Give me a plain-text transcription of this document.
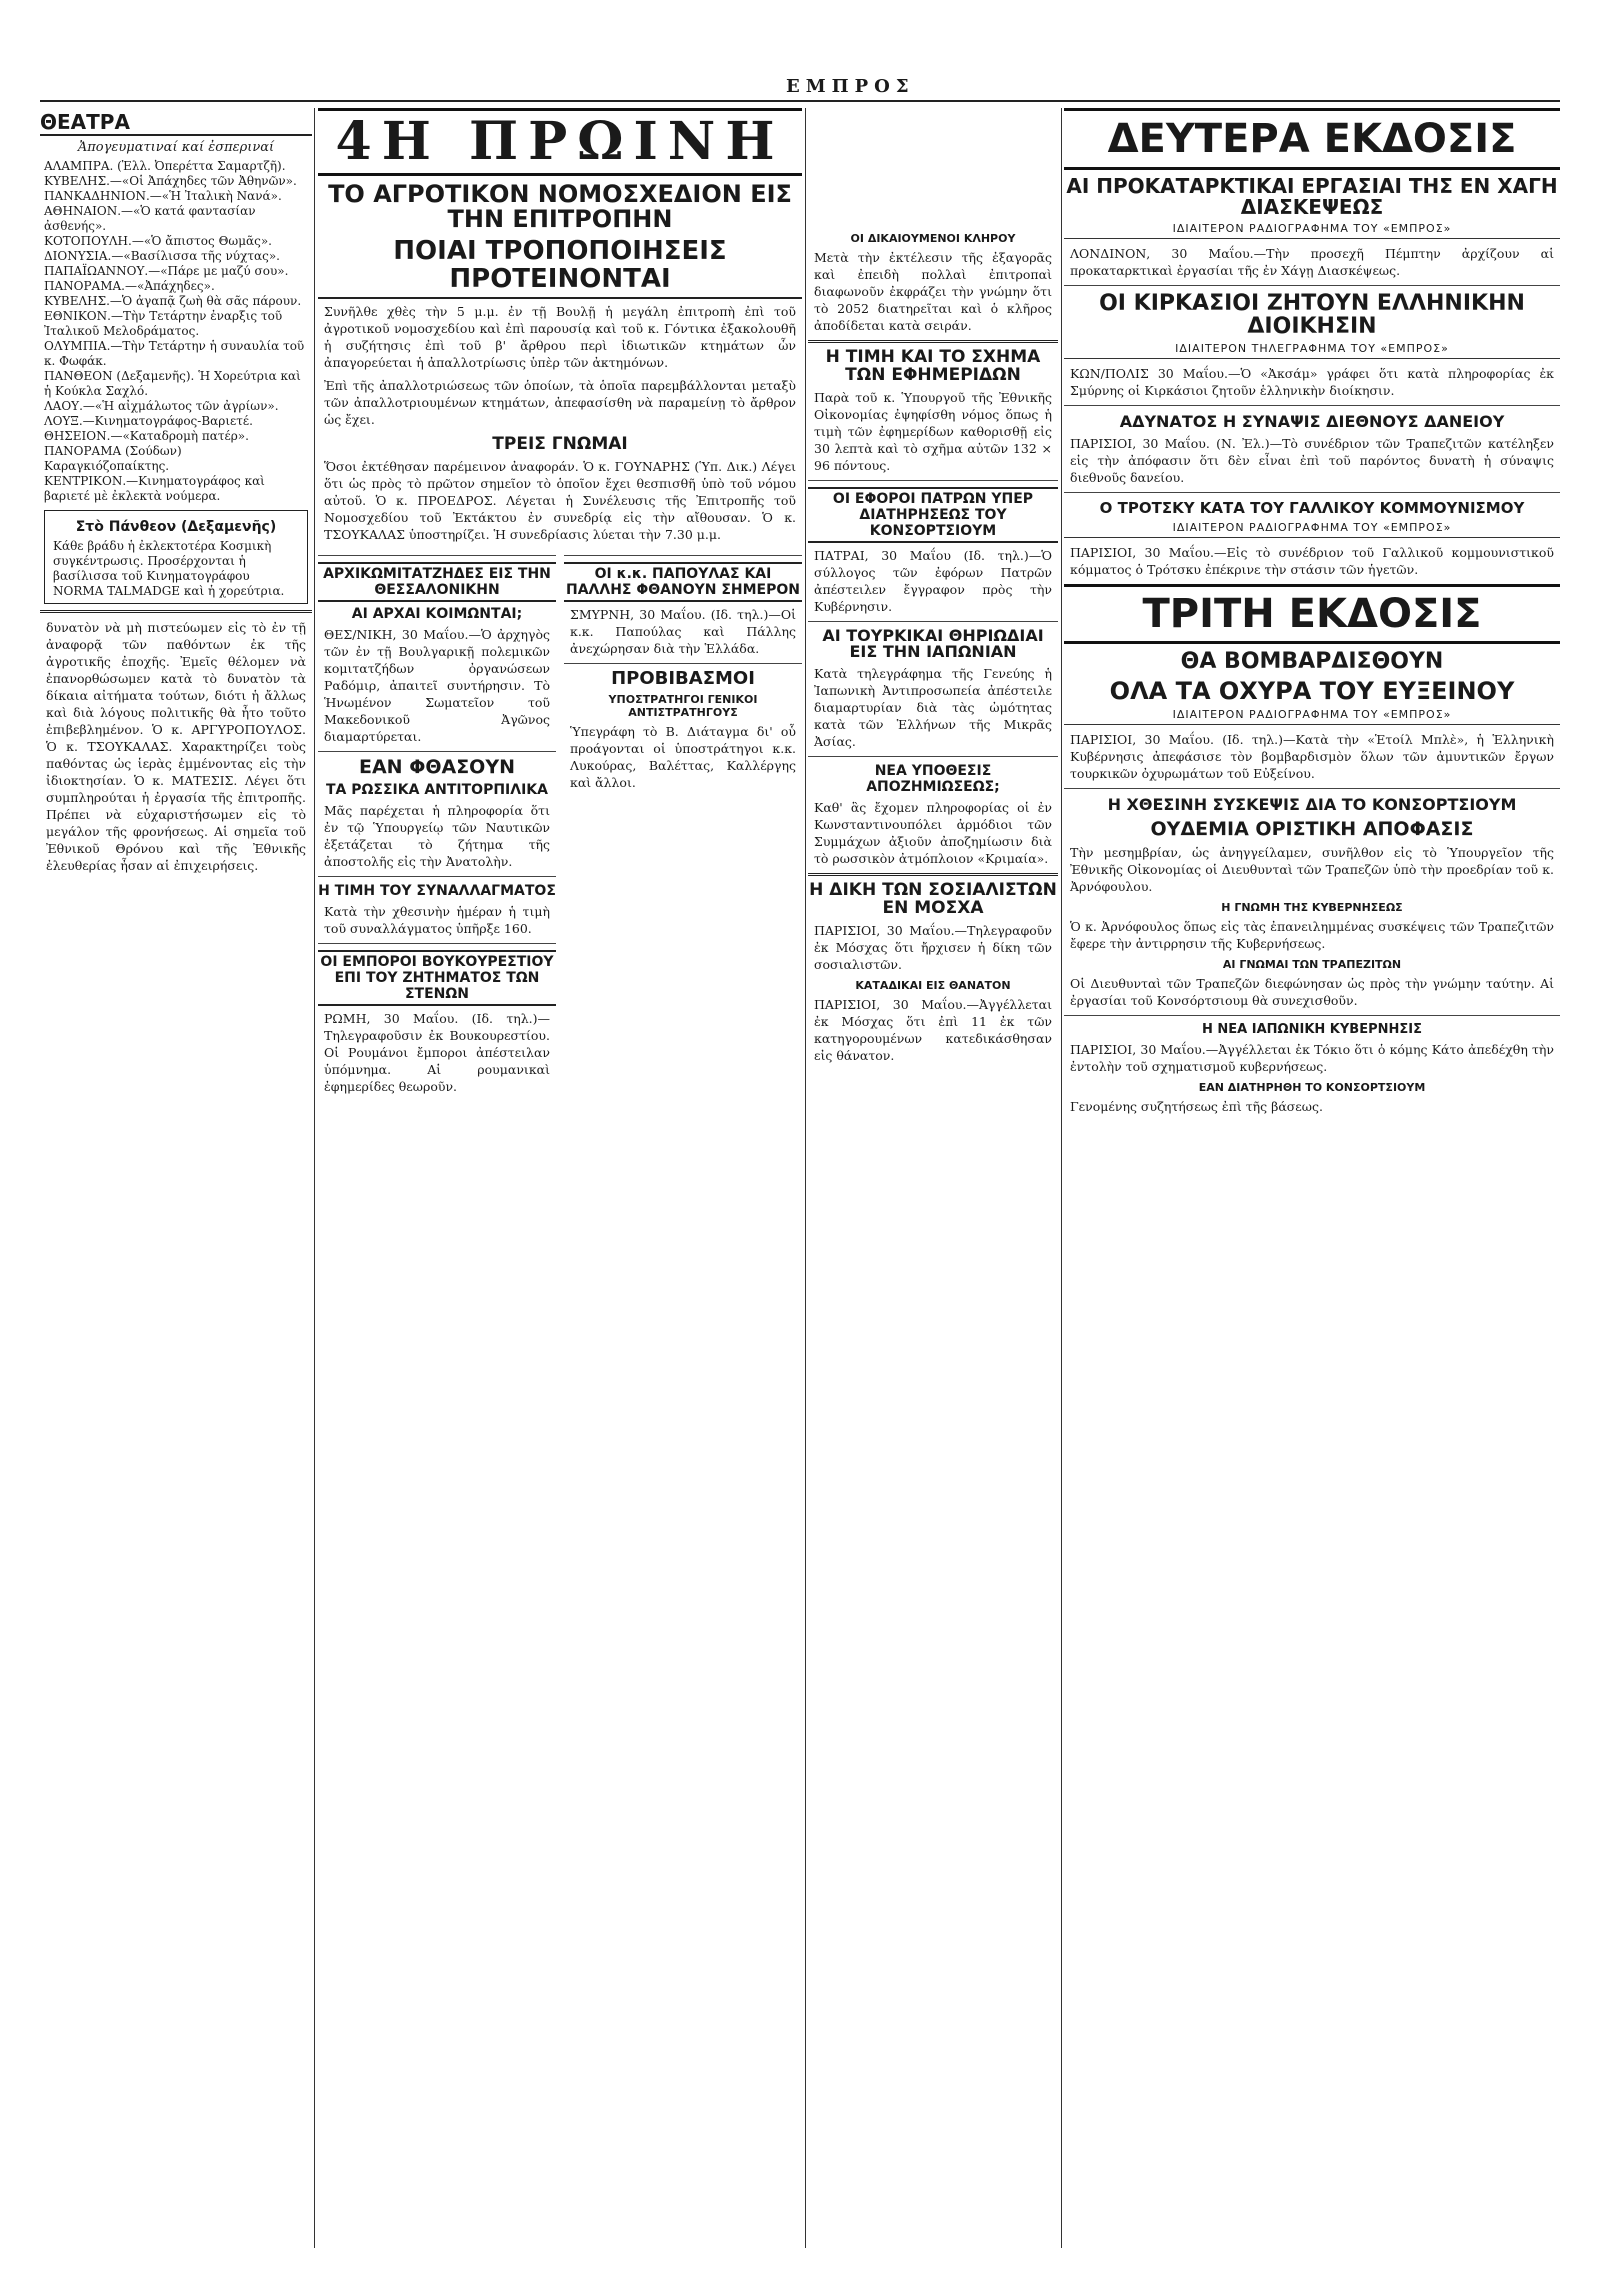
ΕΜΠΡΟΣ
ΘΕΑΤΡΑ
Ἀπογευματιναί καί ἐσπεριναί
ΑΛΑΜΠΡΑ. (Ἑλλ. Ὀπερέττα Σαμαρτζῆ).
ΚΥΒΕΛΗΣ.—«Οἱ Ἀπάχηδες τῶν Ἀθηνῶν».
ΠΑΝΚΑΔΗΝΙΟΝ.—«Ἡ Ἰταλικὴ Νανά».
ΑΘΗΝΑΙΟΝ.—«Ὁ κατά φαντασίαν ἀσθενής».
ΚΟΤΟΠΟΥΛΗ.—«Ὁ ἄπιστος Θωμᾶς».
ΔΙΟΝΥΣΙΑ.—«Βασίλισσα τῆς νύχτας».
ΠΑΠΑΪΩΑΝΝΟΥ.—«Πάρε με μαζύ σου».
ΠΑΝΟΡΑΜΑ.—«Ἀπάχηδες».
ΚΥΒΕΛΗΣ.—Ὁ ἀγαπᾷ ζωὴ θὰ σᾶς πάρουν.
ΕΘΝΙΚΟΝ.—Τὴν Τετάρτην ἐναρξις τοῦ Ἰταλικοῦ Μελοδράματος.
ΟΛΥΜΠΙΑ.—Τὴν Τετάρτην ἡ συναυλία τοῦ κ. Φωφάκ.
ΠΑΝΘΕΟΝ (Δεξαμενῆς). Ἡ Χορεύτρια καὶ ἡ Κούκλα Σαχλό.
ΛΑΟΥ.—«Ἡ αἰχμάλωτος τῶν ἀγρίων».
ΛΟΥΞ.—Κινηματογράφος-Βαριετέ.
ΘΗΣΕΙΟΝ.—«Καταδρομὴ πατέρ».
ΠΑΝΟΡΑΜΑ (Σούδων) Καραγκιόζοπαίκτης.
ΚΕΝΤΡΙΚΟΝ.—Κινηματογράφος καὶ βαριετέ μὲ ἐκλεκτὰ νούμερα.
Στὸ Πάνθεον (Δεξαμενῆς)
Κάθε βράδυ ἡ ἐκλεκτοτέρα Κοσμικὴ συγκέντρωσις. Προσέρχονται ἡ βασίλισσα τοῦ Κινηματογράφου NORMA TALMADGE καὶ ἡ χορεύτρια.
δυνατὸν νὰ μὴ πιστεύωμεν εἰς τὸ ἐν τῇ ἀναφορᾷ τῶν παθόντων ἐκ τῆς ἀγροτικῆς ἐποχῆς. Ἐμεῖς θέλομεν νὰ ἐπανορθώσωμεν κατὰ τὸ δυνατὸν τὰ δίκαια αἰτήματα τούτων, διότι ἡ ἄλλως καὶ διὰ λόγους πολιτικῆς θὰ ἦτο τοῦτο ἐπιβεβλημένον. Ὁ κ. ΑΡΓΥΡΟΠΟΥΛΟΣ. Ὁ κ. ΤΣΟΥΚΑΛΑΣ. Χαρακτηρίζει τοὺς παθόντας ὡς ἱερὰς ἐμμένοντας εἰς τὴν ἰδιοκτησίαν. Ὁ κ. ΜΑΤΕΣΙΣ. Λέγει ὅτι συμπληρούται ἡ ἐργασία τῆς ἐπιτροπῆς. Πρέπει νὰ εὐχαριστήσωμεν εἰς τὸ μεγάλον τῆς φρονήσεως. Αἱ σημεῖα τοῦ Ἐθνικοῦ Θρόνου καὶ τῆς Ἐθνικῆς ἐλευθερίας ἦσαν αἱ ἐπιχειρήσεις.
4Η ΠΡΩΙΝΗ
ΤΟ ΑΓΡΟΤΙΚΟΝ ΝΟΜΟΣΧΕΔΙΟΝ ΕΙΣ ΤΗΝ ΕΠΙΤΡΟΠΗΝ
ΠΟΙΑΙ ΤΡΟΠΟΠΟΙΗΣΕΙΣ ΠΡΟΤΕΙΝΟΝΤΑΙ
Συνῆλθε χθὲς τὴν 5 μ.μ. ἐν τῇ Βουλῇ ἡ μεγάλη ἐπιτροπὴ ἐπὶ τοῦ ἀγροτικοῦ νομοσχεδίου καὶ ἐπὶ παρουσίᾳ καὶ τοῦ κ. Γόντικα ἐξακολουθῆ ἡ συζήτησις ἐπὶ τοῦ β' ἄρθρου περὶ ἰδιωτικῶν κτημάτων ὧν ἀπαγορεύεται ἡ ἀπαλλοτρίωσις ὑπὲρ τῶν ἀκτημόνων.
Ἐπὶ τῆς ἀπαλλοτριώσεως τῶν ὁποίων, τὰ ὁποῖα παρεμβάλλονται μεταξὺ τῶν ἀπαλλοτριουμένων κτημάτων, ἀπεφασίσθη νὰ παραμείνῃ τὸ ἄρθρον ὡς ἔχει.
ΤΡΕΙΣ ΓΝΩΜΑΙ
Ὅσοι ἐκτέθησαν παρέμεινον ἀναφοράν. Ὁ κ. ΓΟΥΝΑΡΗΣ (Ὑπ. Δικ.) Λέγει ὅτι ὡς πρὸς τὸ πρῶτον σημεῖον τὸ ὁποῖον ἔχει θεσπισθῆ ὑπὸ τοῦ νόμου αὐτοῦ. Ὁ κ. ΠΡΟΕΔΡΟΣ. Λέγεται ἡ Συνέλευσις τῆς Ἐπιτροπῆς τοῦ Νομοσχεδίου τοῦ Ἐκτάκτου ἐν συνεδρίᾳ εἰς τὴν αἴθουσαν. Ὁ κ. ΤΣΟΥΚΑΛΑΣ ὑποστηρίζει. Ἡ συνεδρίασις λύεται τὴν 7.30 μ.μ.
ΑΡΧΙΚΩΜΙΤΑΤΖΗΔΕΣ ΕΙΣ ΤΗΝ ΘΕΣΣΑΛΟΝΙΚΗΝ
ΑΙ ΑΡΧΑΙ ΚΟΙΜΩΝΤΑΙ;
ΘΕΣ/ΝΙΚΗ, 30 Μαΐου.—Ὁ ἀρχηγὸς τῶν ἐν τῇ Βουλγαρικῇ πολεμικῶν κομιτατζήδων ὀργανώσεων Ραδόμιρ, ἀπαιτεῖ συντήρησιν. Τὸ Ἡνωμένον Σωματεῖον τοῦ Μακεδονικοῦ Ἀγῶνος διαμαρτύρεται.
ΕΑΝ ΦΘΑΣΟΥΝ
ΤΑ ΡΩΣΣΙΚΑ ΑΝΤΙΤΟΡΠΙΛΙΚΑ
Μᾶς παρέχεται ἡ πληροφορία ὅτι ἐν τῷ Ὑπουργείῳ τῶν Ναυτικῶν ἐξετάζεται τὸ ζήτημα τῆς ἀποστολῆς εἰς τὴν Ἀνατολὴν.
Η ΤΙΜΗ ΤΟΥ ΣΥΝΑΛΛΑΓΜΑΤΟΣ
Κατὰ τὴν χθεσινὴν ἡμέραν ἡ τιμὴ τοῦ συναλλάγματος ὑπῆρξε 160.
ΟΙ ΕΜΠΟΡΟΙ ΒΟΥΚΟΥΡΕΣΤΙΟΥ ΕΠΙ ΤΟΥ ΖΗΤΗΜΑΤΟΣ ΤΩΝ ΣΤΕΝΩΝ
ΡΩΜΗ, 30 Μαΐου. (Ιδ. τηλ.)—Τηλεγραφοῦσιν ἐκ Βουκουρεστίου. Οἱ Ρουμάνοι ἔμποροι ἀπέστειλαν ὑπόμνημα. Αἱ ρουμανικαὶ ἐφημερίδες θεωροῦν.
ΟΙ κ.κ. ΠΑΠΟΥΛΑΣ ΚΑΙ ΠΑΛΛΗΣ ΦΘΑΝΟΥΝ ΣΗΜΕΡΟΝ
ΣΜΥΡΝΗ, 30 Μαΐου. (Ιδ. τηλ.)—Οἱ κ.κ. Παπούλας καὶ Πάλλης ἀνεχώρησαν διὰ τὴν Ἑλλάδα.
ΠΡΟΒΙΒΑΣΜΟΙ
ΥΠΟΣΤΡΑΤΗΓΟΙ ΓΕΝΙΚΟΙ ΑΝΤΙΣΤΡΑΤΗΓΟΥΣ
Ὑπεγράφη τὸ Β. Διάταγμα δι' οὗ προάγονται οἱ ὑποστράτηγοι κ.κ. Λυκούρας, Βαλέττας, Καλλέργης καὶ ἄλλοι.
ΟΙ ΔΙΚΑΙΟΥΜΕΝΟΙ ΚΛΗΡΟΥ
Μετὰ τὴν ἐκτέλεσιν τῆς ἐξαγορᾶς καὶ ἐπειδὴ πολλαὶ ἐπιτροπαὶ διαφωνοῦν ἐκφράζει τὴν γνώμην ὅτι τὸ 2052 διατηρεῖται καὶ ὁ κλῆρος ἀποδίδεται κατὰ σειράν.
Η ΤΙΜΗ ΚΑΙ ΤΟ ΣΧΗΜΑ ΤΩΝ ΕΦΗΜΕΡΙΔΩΝ
Παρὰ τοῦ κ. Ὑπουργοῦ τῆς Ἐθνικῆς Οἰκονομίας ἐψηφίσθη νόμος ὅπως ἡ τιμὴ τῶν ἐφημερίδων καθορισθῇ εἰς 30 λεπτὰ καὶ τὸ σχῆμα αὐτῶν 132 × 96 πόντους.
ΟΙ ΕΦΟΡΟΙ ΠΑΤΡΩΝ ΥΠΕΡ ΔΙΑΤΗΡΗΣΕΩΣ ΤΟΥ ΚΟΝΣΟΡΤΣΙΟΥΜ
ΠΑΤΡΑΙ, 30 Μαΐου (Ιδ. τηλ.)—Ὁ σύλλογος τῶν ἐφόρων Πατρῶν ἀπέστειλεν ἔγγραφον πρὸς τὴν Κυβέρνησιν.
ΑΙ ΤΟΥΡΚΙΚΑΙ ΘΗΡΙΩΔΙΑΙ ΕΙΣ ΤΗΝ ΙΑΠΩΝΙΑΝ
Κατὰ τηλεγράφημα τῆς Γενεύης ἡ Ἰαπωνικὴ Ἀντιπροσωπεία ἀπέστειλε διαμαρτυρίαν διὰ τὰς ὠμότητας κατὰ τῶν Ἑλλήνων τῆς Μικρᾶς Ἀσίας.
ΝΕΑ ΥΠΟΘΕΣΙΣ ΑΠΟΖΗΜΙΩΣΕΩΣ;
Καθ' ἃς ἔχομεν πληροφορίας οἱ ἐν Κωνσταντινουπόλει ἀρμόδιοι τῶν Συμμάχων ἀξιοῦν ἀποζημίωσιν διὰ τὸ ρωσσικὸν ἀτμόπλοιον «Κριμαία».
Η ΔΙΚΗ ΤΩΝ ΣΟΣΙΑΛΙΣΤΩΝ ΕΝ ΜΟΣΧΑ
ΠΑΡΙΣΙΟΙ, 30 Μαΐου.—Τηλεγραφοῦν ἐκ Μόσχας ὅτι ἤρχισεν ἡ δίκη τῶν σοσιαλιστῶν.
ΚΑΤΑΔΙΚΑΙ ΕΙΣ ΘΑΝΑΤΟΝ
ΠΑΡΙΣΙΟΙ, 30 Μαΐου.—Ἀγγέλλεται ἐκ Μόσχας ὅτι ἐπὶ 11 ἐκ τῶν κατηγορουμένων κατεδικάσθησαν εἰς θάνατον.
ΔΕΥΤΕΡΑ ΕΚΔΟΣΙΣ
ΑΙ ΠΡΟΚΑΤΑΡΚΤΙΚΑΙ ΕΡΓΑΣΙΑΙ ΤΗΣ ΕΝ ΧΑΓΗ ΔΙΑΣΚΕΨΕΩΣ
ΙΔΙΑΙΤΕΡΟΝ ΡΑΔΙΟΓΡΑΦΗΜΑ ΤΟΥ «ΕΜΠΡΟΣ»
ΛΟΝΔΙΝΟΝ, 30 Μαΐου.—Τὴν προσεχῆ Πέμπτην ἀρχίζουν αἱ προκαταρκτικαὶ ἐργασίαι τῆς ἐν Χάγῃ Διασκέψεως.
ΟΙ ΚΙΡΚΑΣΙΟΙ ΖΗΤΟΥΝ ΕΛΛΗΝΙΚΗΝ ΔΙΟΙΚΗΣΙΝ
ΙΔΙΑΙΤΕΡΟΝ ΤΗΛΕΓΡΑΦΗΜΑ ΤΟΥ «ΕΜΠΡΟΣ»
ΚΩΝ/ΠΟΛΙΣ 30 Μαΐου.—Ὁ «Ἀκσάμ» γράφει ὅτι κατὰ πληροφορίας ἐκ Σμύρνης οἱ Κιρκάσιοι ζητοῦν ἑλληνικὴν διοίκησιν.
ΑΔΥΝΑΤΟΣ Η ΣΥΝΑΨΙΣ ΔΙΕΘΝΟΥΣ ΔΑΝΕΙΟΥ
ΠΑΡΙΣΙΟΙ, 30 Μαΐου. (Ν. Ἐλ.)—Τὸ συνέδριον τῶν Τραπεζιτῶν κατέληξεν εἰς τὴν ἀπόφασιν ὅτι δὲν εἶναι ἐπὶ τοῦ παρόντος δυνατὴ ἡ σύναψις διεθνοῦς δανείου.
Ο ΤΡΟΤΣΚΥ ΚΑΤΑ ΤΟΥ ΓΑΛΛΙΚΟΥ ΚΟΜΜΟΥΝΙΣΜΟΥ
ΙΔΙΑΙΤΕΡΟΝ ΡΑΔΙΟΓΡΑΦΗΜΑ ΤΟΥ «ΕΜΠΡΟΣ»
ΠΑΡΙΣΙΟΙ, 30 Μαΐου.—Εἰς τὸ συνέδριον τοῦ Γαλλικοῦ κομμουνιστικοῦ κόμματος ὁ Τρότσκυ ἐπέκρινε τὴν στάσιν τῶν ἡγετῶν.
ΤΡΙΤΗ ΕΚΔΟΣΙΣ
ΘΑ ΒΟΜΒΑΡΔΙΣΘΟΥΝ
ΟΛΑ ΤΑ ΟΧΥΡΑ ΤΟΥ ΕΥΞΕΙΝΟΥ
ΙΔΙΑΙΤΕΡΟΝ ΡΑΔΙΟΓΡΑΦΗΜΑ ΤΟΥ «ΕΜΠΡΟΣ»
ΠΑΡΙΣΙΟΙ, 30 Μαΐου. (Ιδ. τηλ.)—Κατὰ τὴν «Ἑτοίλ Μπλὲ», ἡ Ἑλληνικὴ Κυβέρνησις ἀπεφάσισε τὸν βομβαρδισμὸν ὅλων τῶν ἀμυντικῶν ἔργων τουρκικῶν ὀχυρωμάτων τοῦ Εὐξείνου.
Η ΧΘΕΣΙΝΗ ΣΥΣΚΕΨΙΣ ΔΙΑ ΤΟ ΚΟΝΣΟΡΤΣΙΟΥΜ
ΟΥΔΕΜΙΑ ΟΡΙΣΤΙΚΗ ΑΠΟΦΑΣΙΣ
Τὴν μεσημβρίαν, ὡς ἀνηγγείλαμεν, συνῆλθον εἰς τὸ Ὑπουργεῖον τῆς Ἐθνικῆς Οἰκονομίας οἱ Διευθυνταὶ τῶν Τραπεζῶν ὑπὸ τὴν προεδρίαν τοῦ κ. Ἀρνόφουλου.
Η ΓΝΩΜΗ ΤΗΣ ΚΥΒΕΡΝΗΣΕΩΣ
Ὁ κ. Ἀρνόφουλος ὅπως εἰς τὰς ἐπανειλημμένας συσκέψεις τῶν Τραπεζιτῶν ἔφερε τὴν ἀντιρρησιν τῆς Κυβερνήσεως.
ΑΙ ΓΝΩΜΑΙ ΤΩΝ ΤΡΑΠΕΖΙΤΩΝ
Οἱ Διευθυνταὶ τῶν Τραπεζῶν διεφώνησαν ὡς πρὸς τὴν γνώμην ταύτην. Αἱ ἐργασίαι τοῦ Κονσόρτσιουμ θὰ συνεχισθοῦν.
Η ΝΕΑ ΙΑΠΩΝΙΚΗ ΚΥΒΕΡΝΗΣΙΣ
ΠΑΡΙΣΙΟΙ, 30 Μαΐου.—Ἀγγέλλεται ἐκ Τόκιο ὅτι ὁ κόμης Κάτο ἀπεδέχθη τὴν ἐντολὴν τοῦ σχηματισμοῦ κυβερνήσεως.
ΕΑΝ ΔΙΑΤΗΡΗΘΗ ΤΟ ΚΟΝΣΟΡΤΣΙΟΥΜ
Γενομένης συζητήσεως ἐπὶ τῆς βάσεως.
